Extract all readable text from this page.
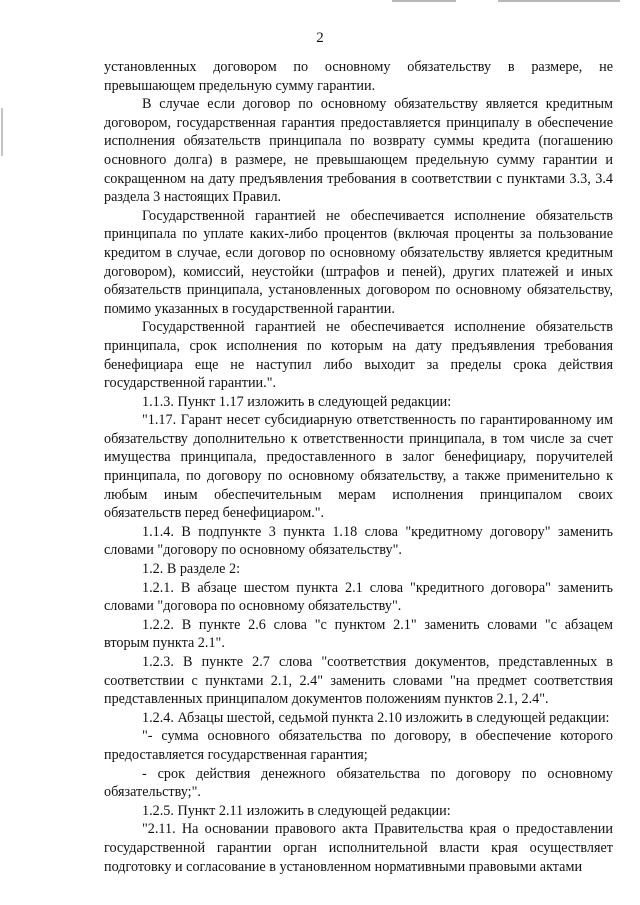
2

установленных договором по основному обязательству в размере, не превышающем предельную сумму гарантии.

В случае если договор по основному обязательству является кредитным договором, государственная гарантия предоставляется принципалу в обеспечение исполнения обязательств принципала по возврату суммы кредита (погашению основного долга) в размере, не превышающем предельную сумму гарантии и сокращенном на дату предъявления требования в соответствии с пунктами 3.3, 3.4 раздела 3 настоящих Правил.

Государственной гарантией не обеспечивается исполнение обязательств принципала по уплате каких-либо процентов (включая проценты за пользование кредитом в случае, если договор по основному обязательству является кредитным договором), комиссий, неустойки (штрафов и пеней), других платежей и иных обязательств принципала, установленных договором по основному обязательству, помимо указанных в государственной гарантии.

Государственной гарантией не обеспечивается исполнение обязательств принципала, срок исполнения по которым на дату предъявления требования бенефициара еще не наступил либо выходит за пределы срока действия государственной гарантии.".

1.1.3. Пункт 1.17 изложить в следующей редакции:

"1.17. Гарант несет субсидиарную ответственность по гарантированному им обязательству дополнительно к ответственности принципала, в том числе за счет имущества принципала, предоставленного в залог бенефициару, поручителей принципала, по договору по основному обязательству, а также применительно к любым иным обеспечительным мерам исполнения принципалом своих обязательств перед бенефициаром.".

1.1.4. В подпункте 3 пункта 1.18 слова "кредитному договору" заменить словами "договору по основному обязательству".

1.2. В разделе 2:

1.2.1. В абзаце шестом пункта 2.1 слова "кредитного договора" заменить словами "договора по основному обязательству".

1.2.2. В пункте 2.6 слова "с пунктом 2.1" заменить словами "с абзацем вторым пункта 2.1".

1.2.3. В пункте 2.7 слова "соответствия документов, представленных в соответствии с пунктами 2.1, 2.4" заменить словами "на предмет соответствия представленных принципалом документов положениям пунктов 2.1, 2.4".

1.2.4. Абзацы шестой, седьмой пункта 2.10 изложить в следующей редакции:

"- сумма основного обязательства по договору, в обеспечение которого предоставляется государственная гарантия;

- срок действия денежного обязательства по договору по основному обязательству;".

1.2.5. Пункт 2.11 изложить в следующей редакции:

"2.11. На основании правового акта Правительства края о предоставлении государственной гарантии орган исполнительной власти края осуществляет подготовку и согласование в установленном нормативными правовыми актами
